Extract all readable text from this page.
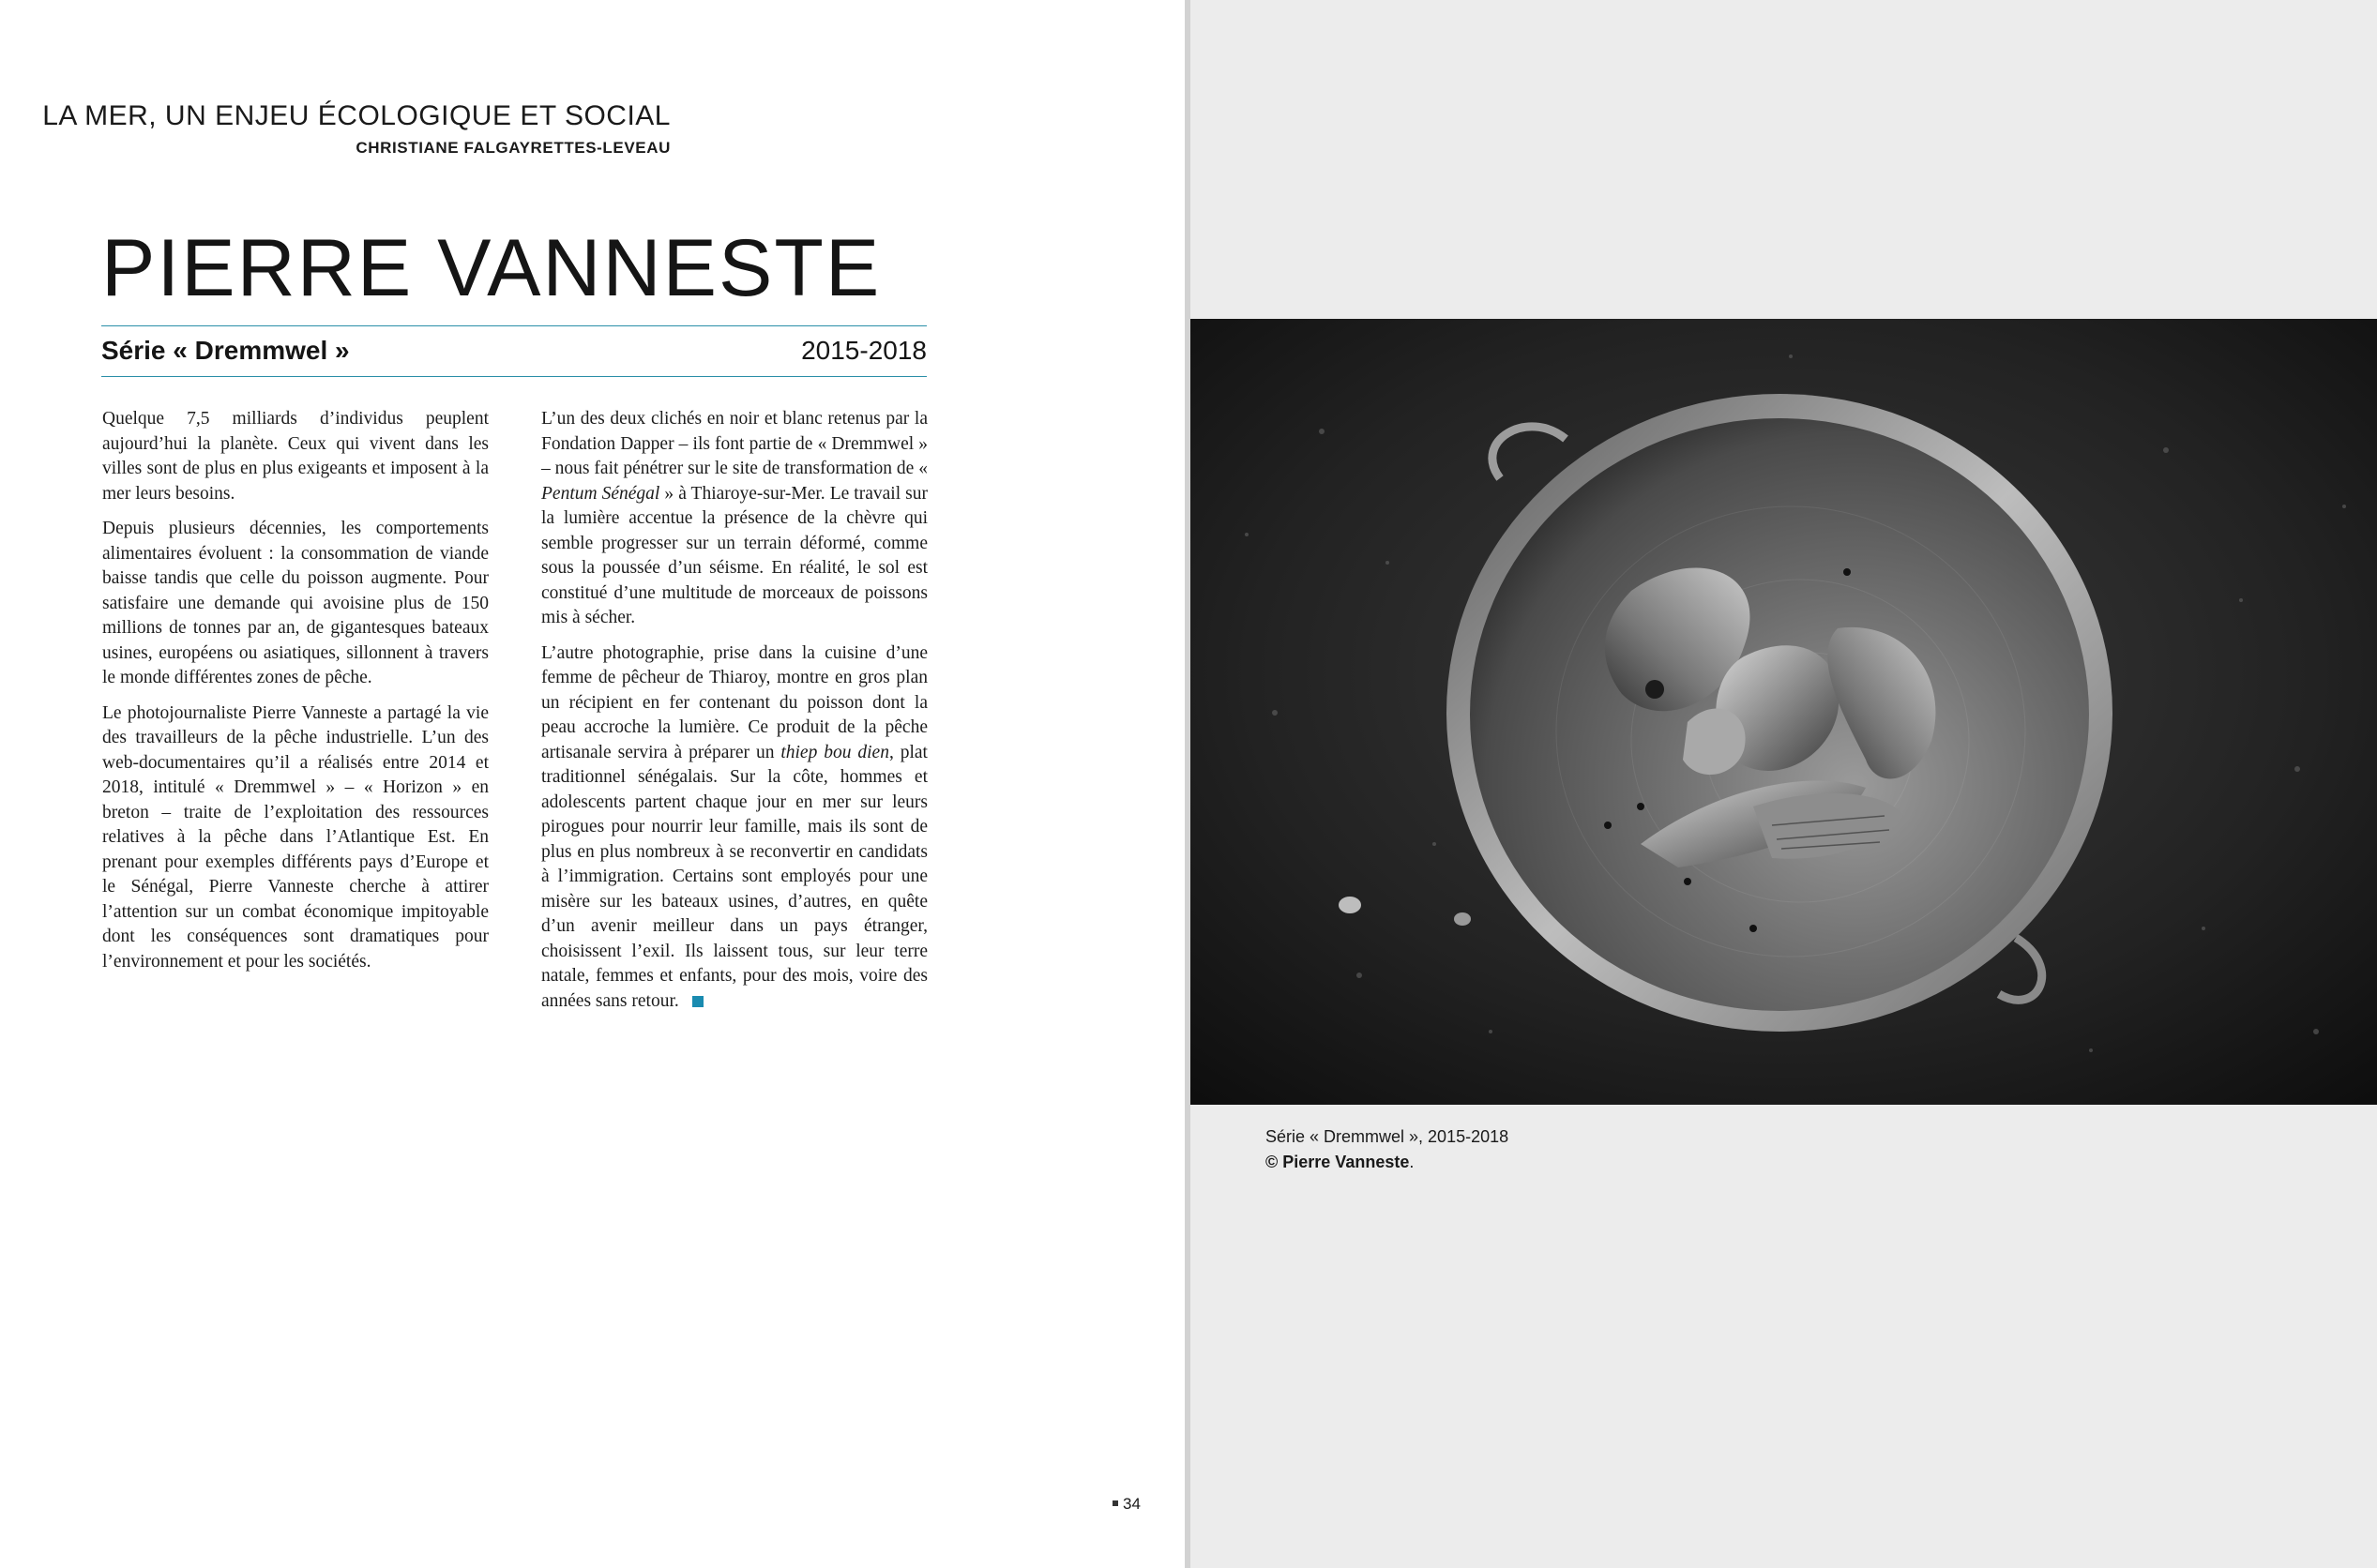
LA MER, UN ENJEU ÉCOLOGIQUE ET SOCIAL
CHRISTIANE FALGAYRETTES-LEVEAU
PIERRE VANNESTE
Série « Dremmwel »	2015-2018

Quelque 7,5 milliards d’individus peuplent aujourd’hui la planète. Ceux qui vivent dans les villes sont de plus en plus exigeants et imposent à la mer leurs besoins.

Depuis plusieurs décennies, les comportements alimentaires évoluent : la consommation de viande baisse tandis que celle du poisson augmente. Pour satisfaire une demande qui avoisine plus de 150 millions de tonnes par an, de gigantesques bateaux usines, européens ou asiatiques, sillonnent à travers le monde différentes zones de pêche.

Le photojournaliste Pierre Vanneste a partagé la vie des travailleurs de la pêche industrielle. L’un des web-documentaires qu’il a réalisés entre 2014 et 2018, intitulé « Dremmwel » – « Horizon » en breton – traite de l’exploitation des ressources relatives à la pêche dans l’Atlantique Est. En prenant pour exemples différents pays d’Europe et le Sénégal, Pierre Vanneste cherche à attirer l’attention sur un combat économique impitoyable dont les conséquences sont dramatiques pour l’environnement et pour les sociétés.

L’un des deux clichés en noir et blanc retenus par la Fondation Dapper – ils font partie de « Dremmwel » – nous fait pénétrer sur le site de transformation de « Pentum Sénégal » à Thiaroye-sur-Mer. Le travail sur la lumière accentue la présence de la chèvre qui semble progresser sur un terrain déformé, comme sous la poussée d’un séisme. En réalité, le sol est constitué d’une multitude de morceaux de poissons mis à sécher.

L’autre photographie, prise dans la cuisine d’une femme de pêcheur de Thiaroy, montre en gros plan un récipient en fer contenant du poisson dont la peau accroche la lumière. Ce produit de la pêche artisanale servira à préparer un thiep bou dien, plat traditionnel sénégalais. Sur la côte, hommes et adolescents partent chaque jour en mer sur leurs pirogues pour nourrir leur famille, mais ils sont de plus en plus nombreux à se reconvertir en candidats à l’immigration. Certains sont employés pour une misère sur les bateaux usines, d’autres, en quête d’un avenir meilleur dans un pays étranger, choisissent l’exil. Ils laissent tous, sur leur terre natale, femmes et enfants, pour des mois, voire des années sans retour.

34
Série « Dremmwel », 2015-2018
© Pierre Vanneste.
